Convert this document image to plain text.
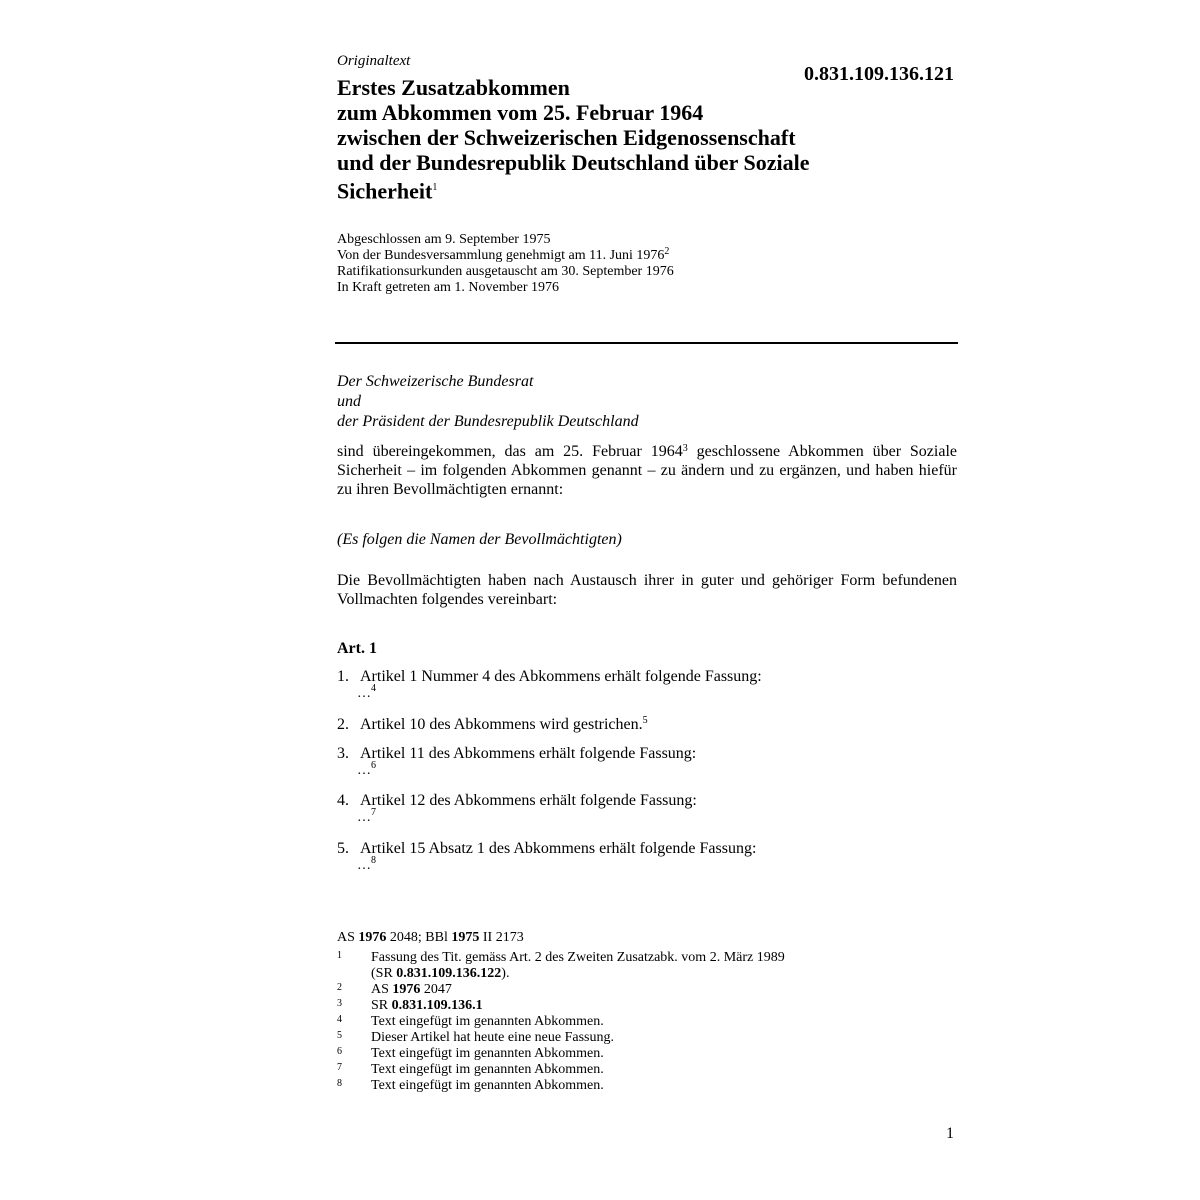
Originaltext
0.831.109.136.121
Erstes Zusatzabkommen
zum Abkommen vom 25. Februar 1964
zwischen der Schweizerischen Eidgenossenschaft
und der Bundesrepublik Deutschland über Soziale
Sicherheit$^1$
Abgeschlossen am 9. September 1975
Von der Bundesversammlung genehmigt am 11. Juni 1976$^2$
Ratifikationsurkunden ausgetauscht am 30. September 1976
In Kraft getreten am 1. November 1976
Der Schweizerische Bundesrat
und
der Präsident der Bundesrepublik Deutschland
sind übereingekommen, das am 25. Februar 1964$^3$ geschlossene Abkommen über Soziale Sicherheit – im folgenden Abkommen genannt – zu ändern und zu ergänzen, und haben hiefür zu ihren Bevollmächtigten ernannt:
(Es folgen die Namen der Bevollmächtigten)
Die Bevollmächtigten haben nach Austausch ihrer in guter und gehöriger Form befundenen Vollmachten folgendes vereinbart:
Art. 1
1. Artikel 1 Nummer 4 des Abkommens erhält folgende Fassung:
…$^4$
2. Artikel 10 des Abkommens wird gestrichen.$^5$
3. Artikel 11 des Abkommens erhält folgende Fassung:
…$^6$
4. Artikel 12 des Abkommens erhält folgende Fassung:
…$^7$
5. Artikel 15 Absatz 1 des Abkommens erhält folgende Fassung:
…$^8$
AS 1976 2048; BBl 1975 II 2173
1 Fassung des Tit. gemäss Art. 2 des Zweiten Zusatzabk. vom 2. März 1989
(SR 0.831.109.136.122).
2 AS 1976 2047
3 SR 0.831.109.136.1
4 Text eingefügt im genannten Abkommen.
5 Dieser Artikel hat heute eine neue Fassung.
6 Text eingefügt im genannten Abkommen.
7 Text eingefügt im genannten Abkommen.
8 Text eingefügt im genannten Abkommen.
1
